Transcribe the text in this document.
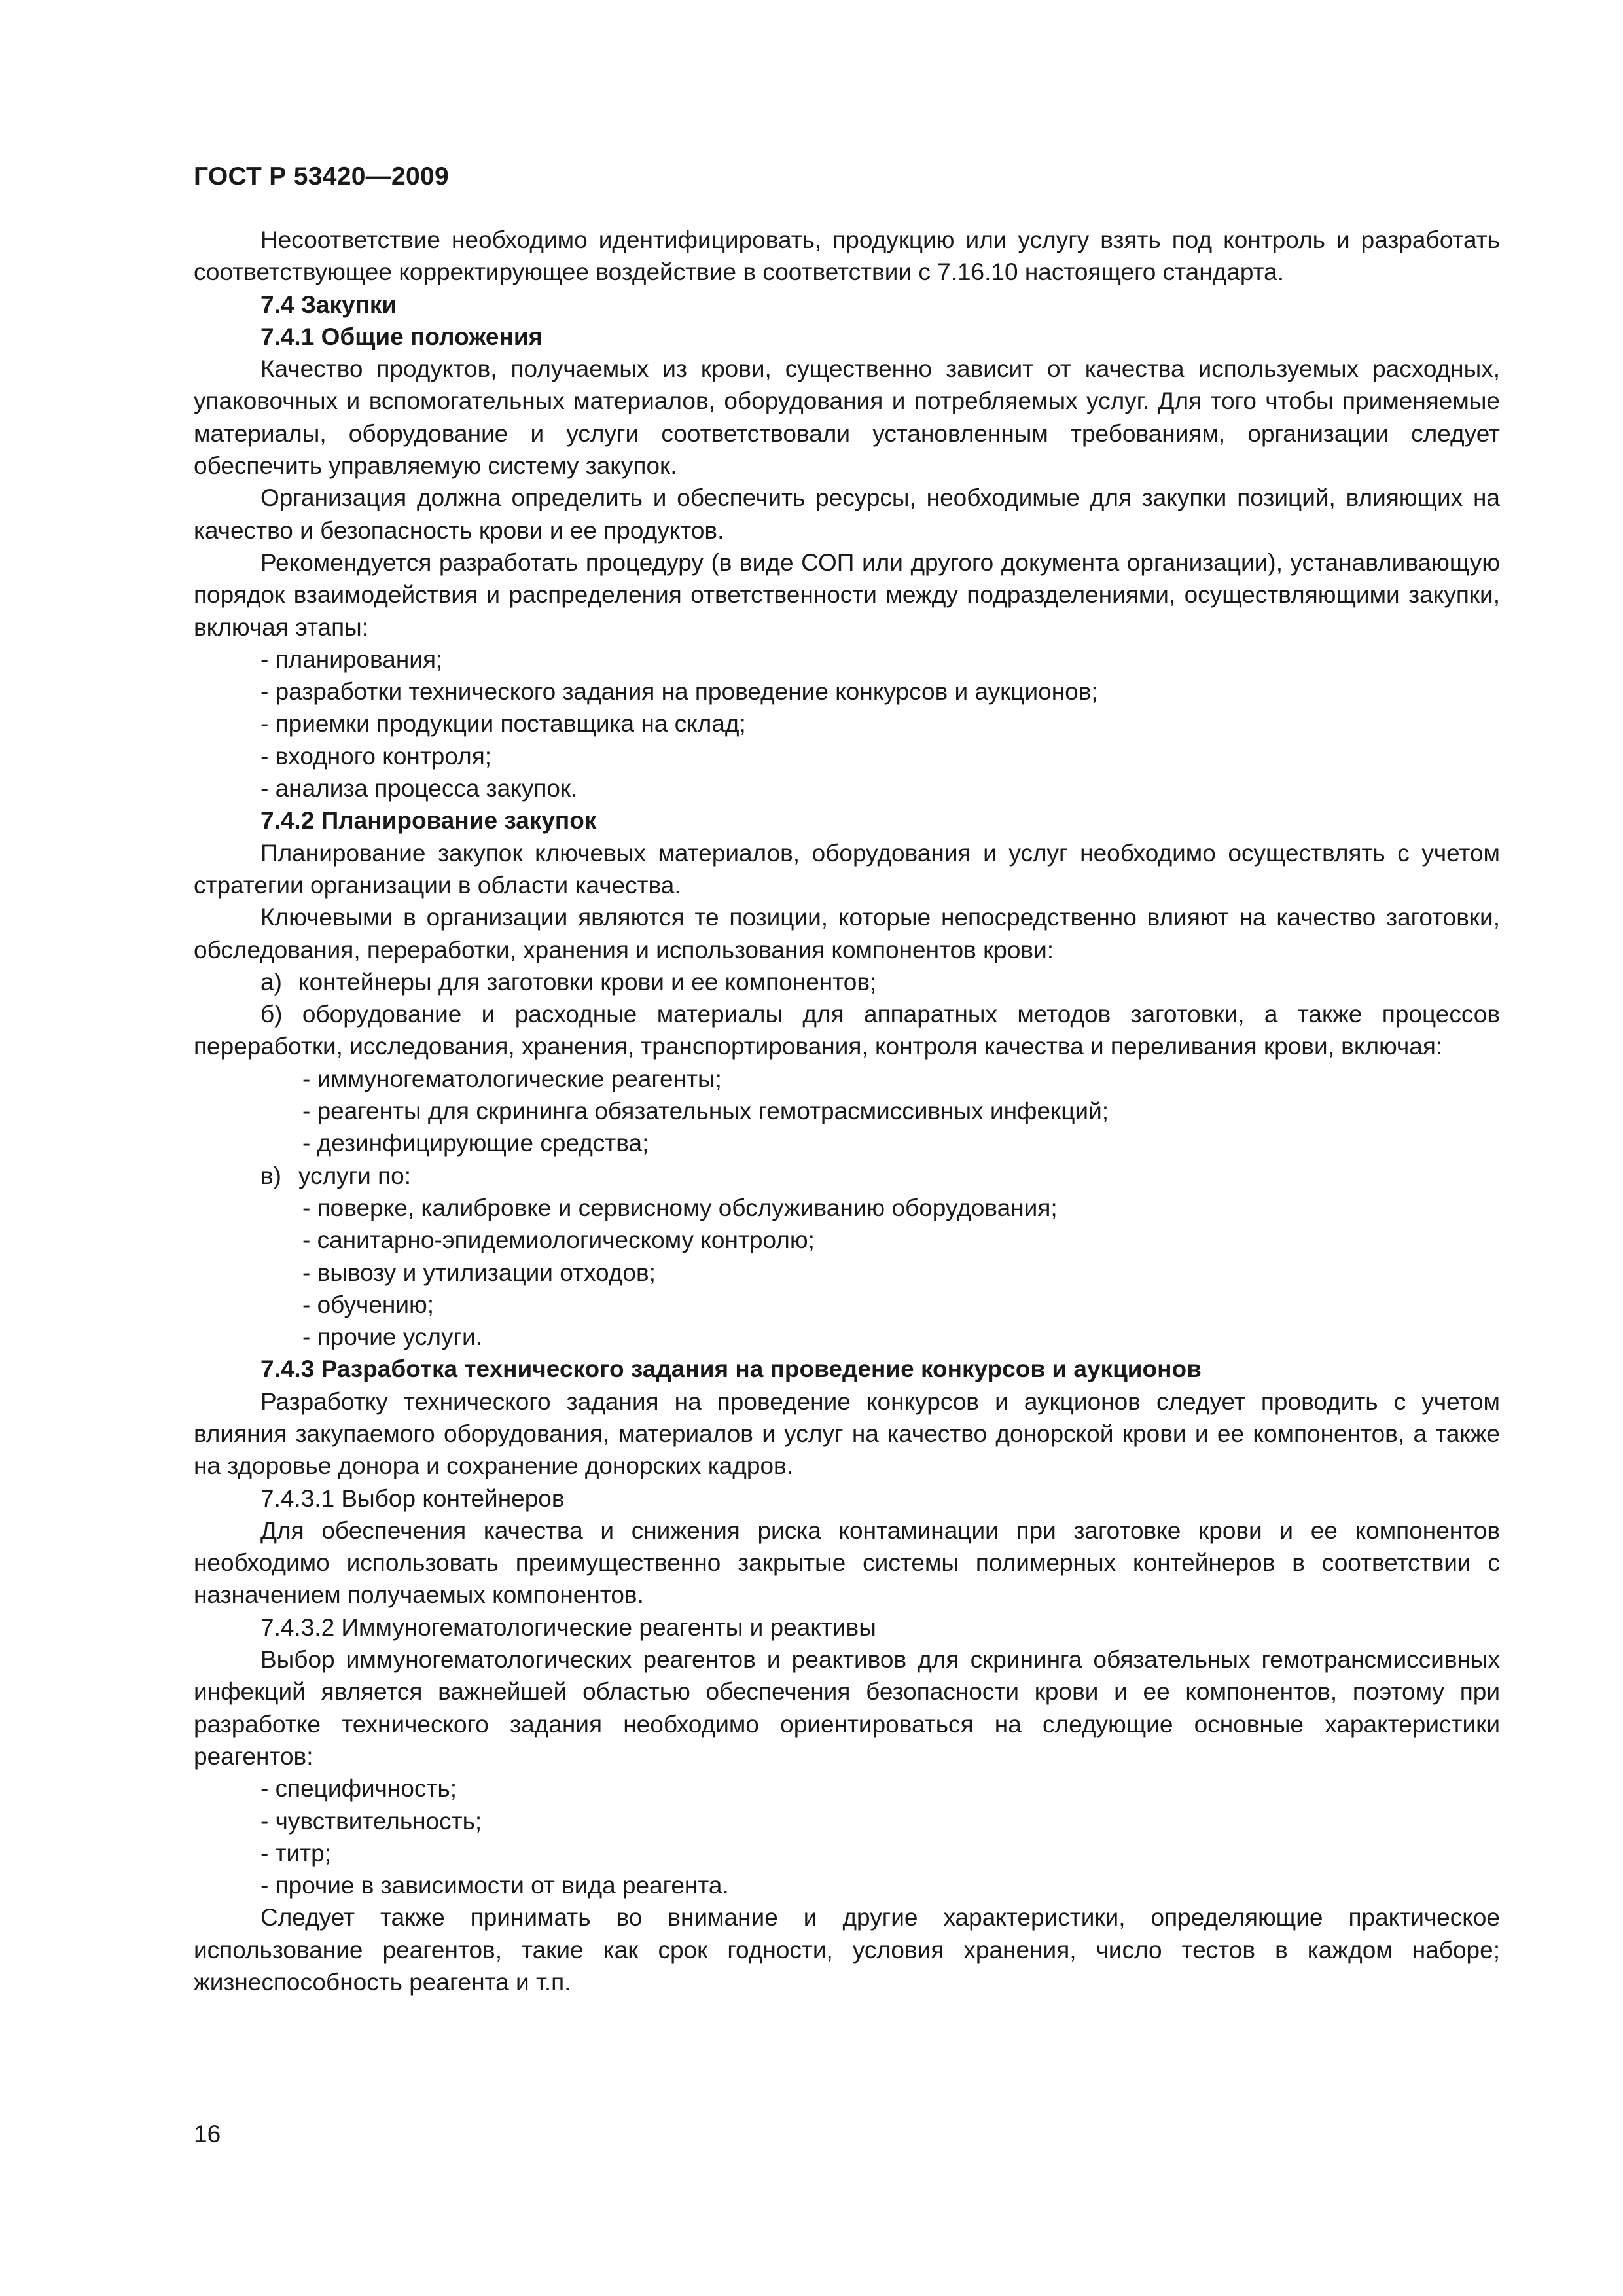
ГОСТ Р 53420—2009

Несоответствие необходимо идентифицировать, продукцию или услугу взять под контроль и разработать соответствующее корректирующее воздействие в соответствии с 7.16.10 настоящего стандарта.

7.4 Закупки

7.4.1 Общие положения

Качество продуктов, получаемых из крови, существенно зависит от качества используемых расходных, упаковочных и вспомогательных материалов, оборудования и потребляемых услуг. Для того чтобы применяемые материалы, оборудование и услуги соответствовали установленным требованиям, организации следует обеспечить управляемую систему закупок.

Организация должна определить и обеспечить ресурсы, необходимые для закупки позиций, влияющих на качество и безопасность крови и ее продуктов.

Рекомендуется разработать процедуру (в виде СОП или другого документа организации), устанавливающую порядок взаимодействия и распределения ответственности между подразделениями, осуществляющими закупки, включая этапы:

- планирования;

- разработки технического задания на проведение конкурсов и аукционов;

- приемки продукции поставщика на склад;

- входного контроля;

- анализа процесса закупок.

7.4.2 Планирование закупок

Планирование закупок ключевых материалов, оборудования и услуг необходимо осуществлять с учетом стратегии организации в области качества.

Ключевыми в организации являются те позиции, которые непосредственно влияют на качество заготовки, обследования, переработки, хранения и использования компонентов крови:

а) контейнеры для заготовки крови и ее компонентов;

б) оборудование и расходные материалы для аппаратных методов заготовки, а также процессов переработки, исследования, хранения, транспортирования, контроля качества и переливания крови, включая:

- иммуногематологические реагенты;

- реагенты для скрининга обязательных гемотрасмиссивных инфекций;

- дезинфицирующие средства;

в) услуги по:

- поверке, калибровке и сервисному обслуживанию оборудования;

- санитарно-эпидемиологическому контролю;

- вывозу и утилизации отходов;

- обучению;

- прочие услуги.

7.4.3 Разработка технического задания на проведение конкурсов и аукционов

Разработку технического задания на проведение конкурсов и аукционов следует проводить с учетом влияния закупаемого оборудования, материалов и услуг на качество донорской крови и ее компонентов, а также на здоровье донора и сохранение донорских кадров.

7.4.3.1 Выбор контейнеров

Для обеспечения качества и снижения риска контаминации при заготовке крови и ее компонентов необходимо использовать преимущественно закрытые системы полимерных контейнеров в соответствии с назначением получаемых компонентов.

7.4.3.2 Иммуногематологические реагенты и реактивы

Выбор иммуногематологических реагентов и реактивов для скрининга обязательных гемотрансмиссивных инфекций является важнейшей областью обеспечения безопасности крови и ее компонентов, поэтому при разработке технического задания необходимо ориентироваться на следующие основные характеристики реагентов:

- специфичность;

- чувствительность;

- титр;

- прочие в зависимости от вида реагента.

Следует также принимать во внимание и другие характеристики, определяющие практическое использование реагентов, такие как срок годности, условия хранения, число тестов в каждом наборе; жизнеспособность реагента и т.п.

16
